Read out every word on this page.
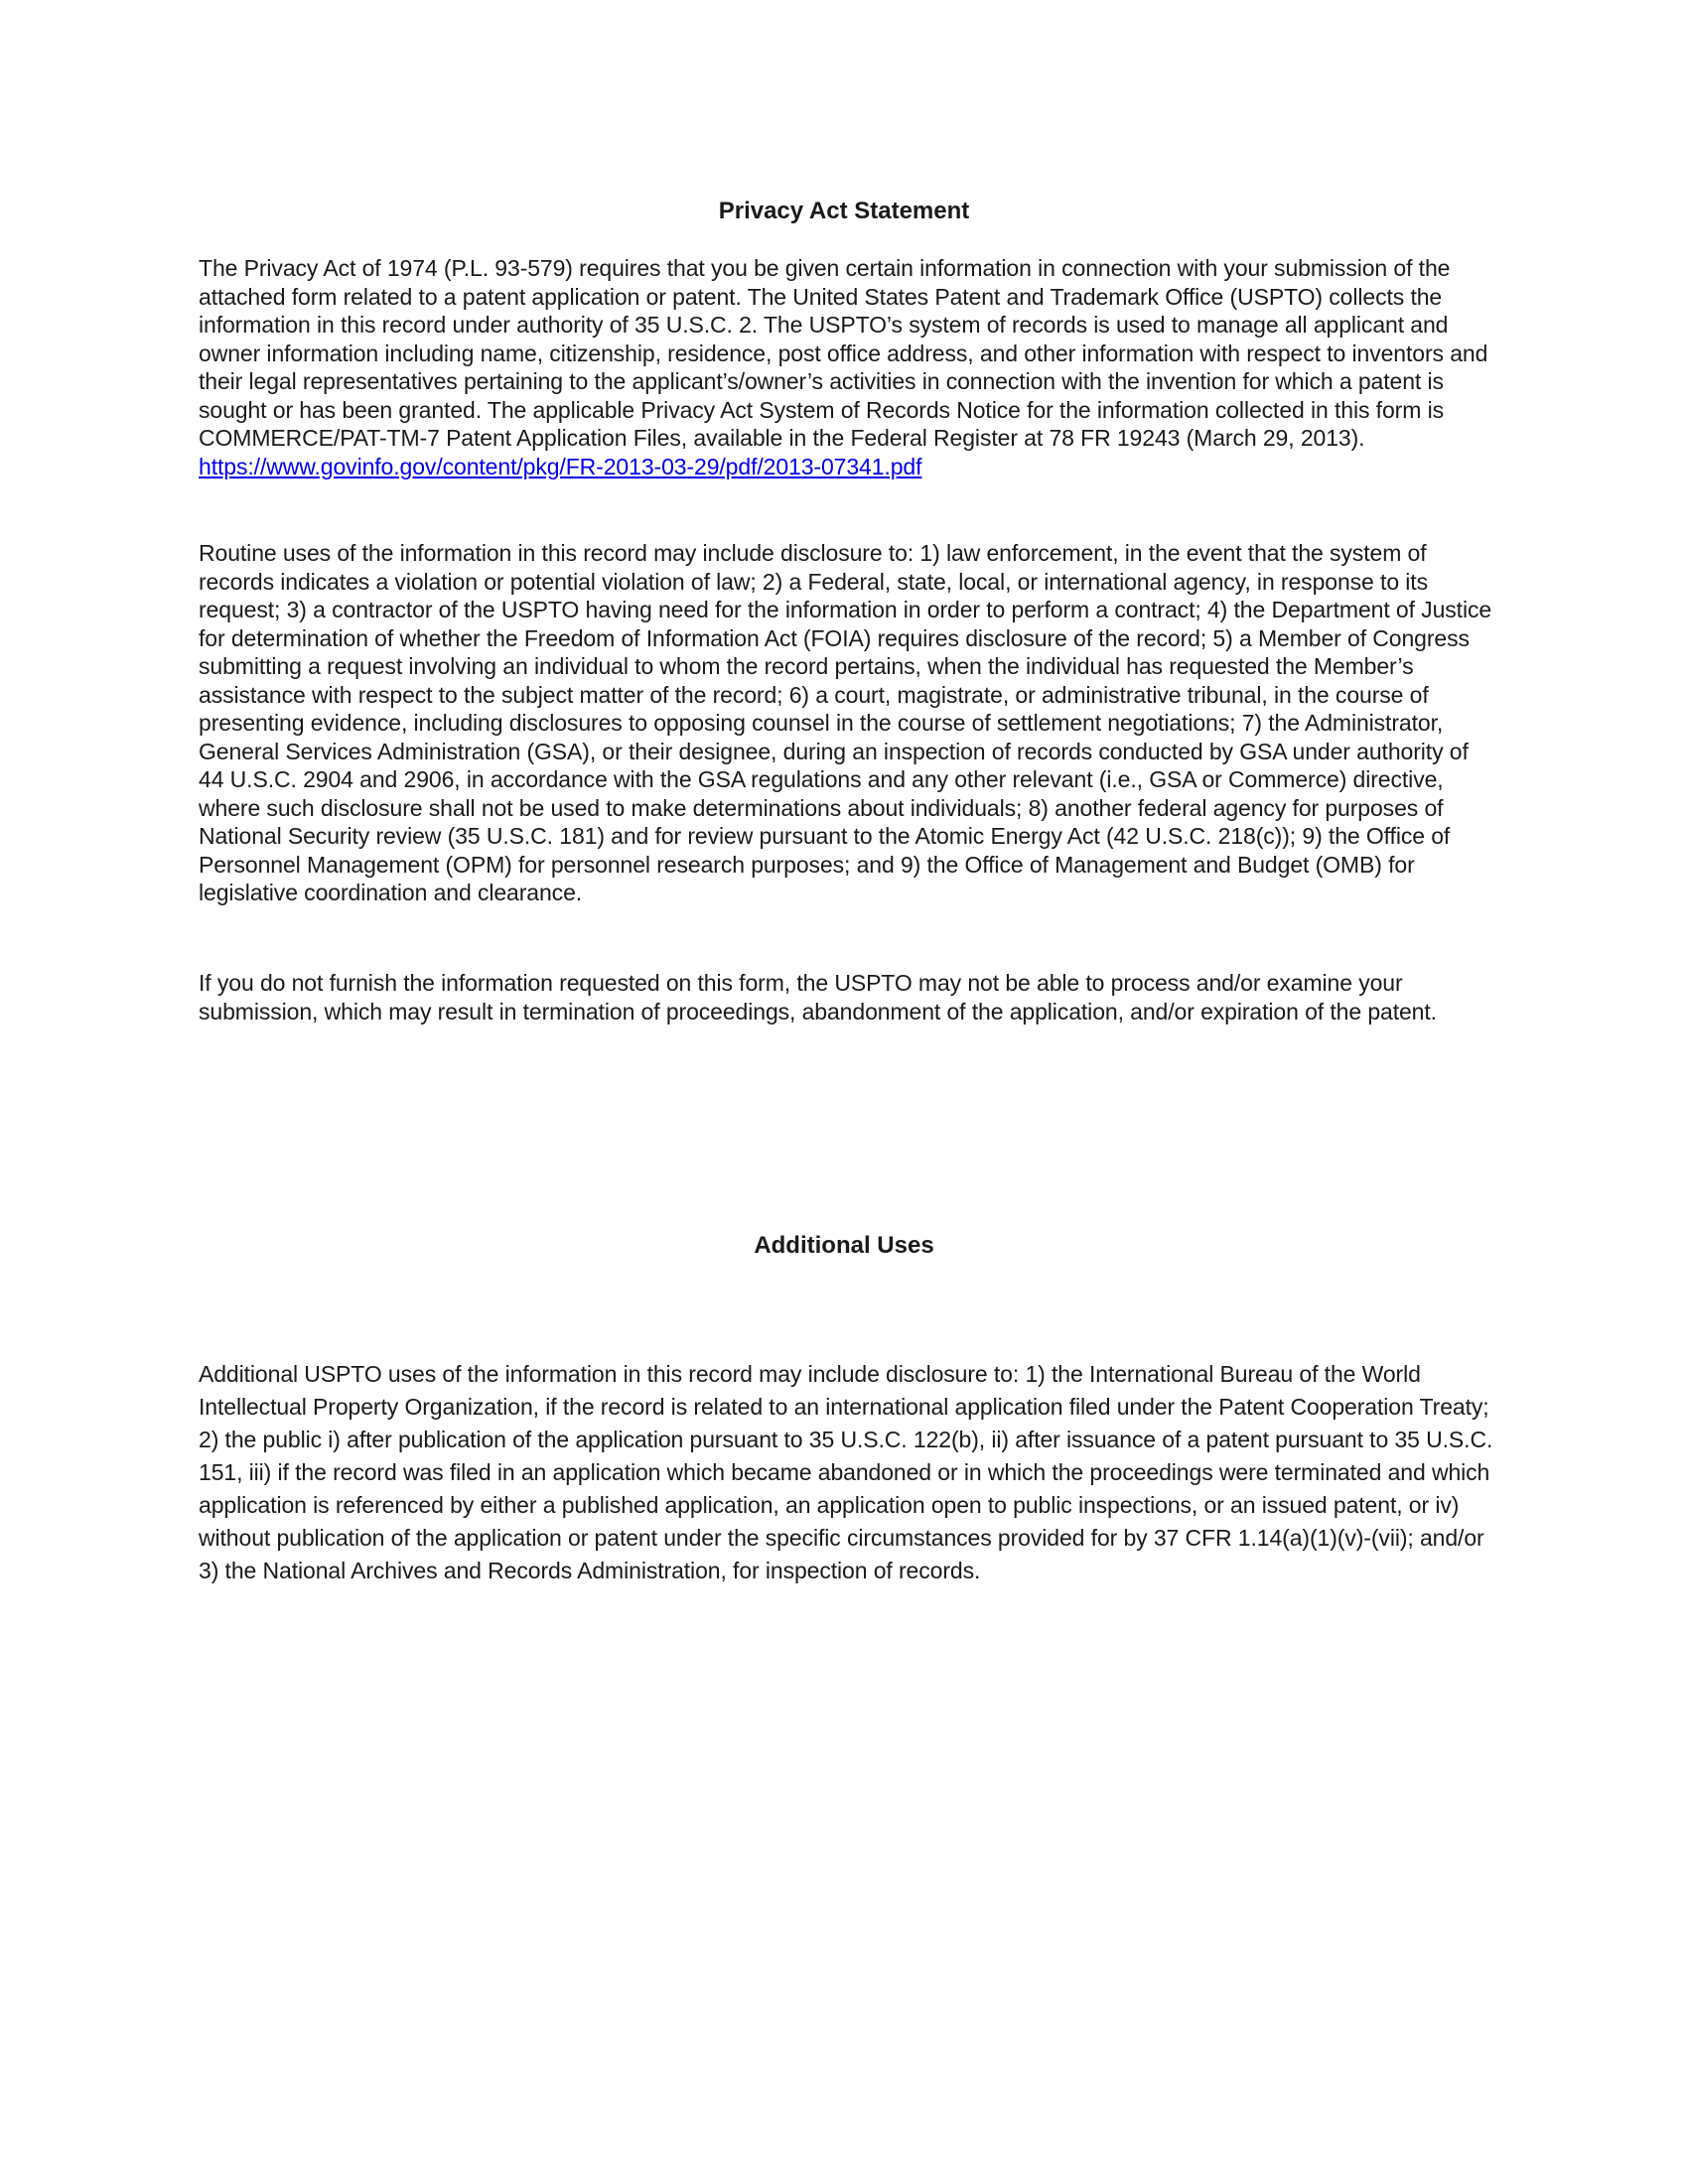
Privacy Act Statement

The Privacy Act of 1974 (P.L. 93-579) requires that you be given certain information in connection with your submission of the attached form related to a patent application or patent. The United States Patent and Trademark Office (USPTO) collects the information in this record under authority of 35 U.S.C. 2. The USPTO’s system of records is used to manage all applicant and owner information including name, citizenship, residence, post office address, and other information with respect to inventors and their legal representatives pertaining to the applicant’s/owner’s activities in connection with the invention for which a patent is sought or has been granted. The applicable Privacy Act System of Records Notice for the information collected in this form is COMMERCE/PAT-TM-7 Patent Application Files, available in the Federal Register at 78 FR 19243 (March 29, 2013). https://www.govinfo.gov/content/pkg/FR-2013-03-29/pdf/2013-07341.pdf

Routine uses of the information in this record may include disclosure to: 1) law enforcement, in the event that the system of records indicates a violation or potential violation of law; 2) a Federal, state, local, or international agency, in response to its request; 3) a contractor of the USPTO having need for the information in order to perform a contract; 4) the Department of Justice for determination of whether the Freedom of Information Act (FOIA) requires disclosure of the record; 5) a Member of Congress submitting a request involving an individual to whom the record pertains, when the individual has requested the Member’s assistance with respect to the subject matter of the record; 6) a court, magistrate, or administrative tribunal, in the course of presenting evidence, including disclosures to opposing counsel in the course of settlement negotiations; 7) the Administrator, General Services Administration (GSA), or their designee, during an inspection of records conducted by GSA under authority of 44 U.S.C. 2904 and 2906, in accordance with the GSA regulations and any other relevant (i.e., GSA or Commerce) directive, where such disclosure shall not be used to make determinations about individuals; 8) another federal agency for purposes of National Security review (35 U.S.C. 181) and for review pursuant to the Atomic Energy Act (42 U.S.C. 218(c)); 9) the Office of Personnel Management (OPM) for personnel research purposes; and 9) the Office of Management and Budget (OMB) for legislative coordination and clearance.

If you do not furnish the information requested on this form, the USPTO may not be able to process and/or examine your submission, which may result in termination of proceedings, abandonment of the application, and/or expiration of the patent.

Additional Uses

Additional USPTO uses of the information in this record may include disclosure to: 1) the International Bureau of the World Intellectual Property Organization, if the record is related to an international application filed under the Patent Cooperation Treaty; 2) the public i) after publication of the application pursuant to 35 U.S.C. 122(b), ii) after issuance of a patent pursuant to 35 U.S.C. 151, iii) if the record was filed in an application which became abandoned or in which the proceedings were terminated and which application is referenced by either a published application, an application open to public inspections, or an issued patent, or iv) without publication of the application or patent under the specific circumstances provided for by 37 CFR 1.14(a)(1)(v)-(vii); and/or 3) the National Archives and Records Administration, for inspection of records.
